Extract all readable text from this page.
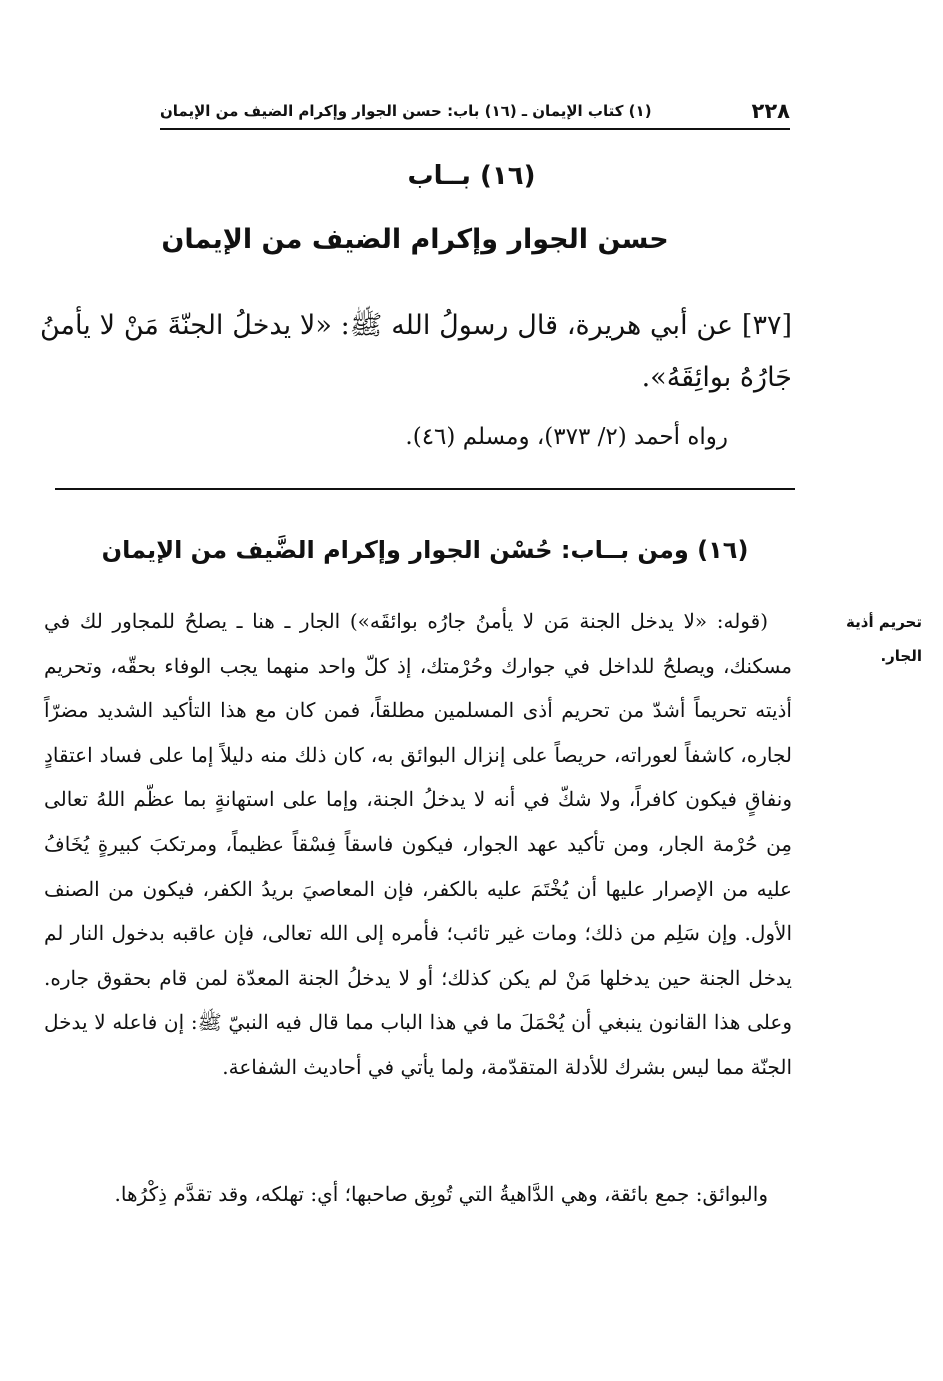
٢٢٨
(١) كتاب الإيمان ـ (١٦) باب: حسن الجوار وإكرام الضيف من الإيمان
(١٦) بــاب
حسن الجوار وإكرام الضيف من الإيمان
[٣٧] عن أبي هريرة، قال رسولُ الله ﷺ: «لا يدخلُ الجنّةَ مَنْ لا يأمنُ جَارُهُ بوائِقَهُ».
رواه أحمد (٢/ ٣٧٣)، ومسلم (٤٦).
(١٦) ومن بــاب: حُسْن الجوار وإكرام الضَّيف من الإيمان
تحريم أذية الجار.

(قوله: «لا يدخل الجنة مَن لا يأمنُ جارُه بوائقَه») الجار ـ هنا ـ يصلحُ للمجاور لك في مسكنك، ويصلحُ للداخل في جوارك وحُرْمتك، إذ كلّ واحد منهما يجب الوفاء بحقّه، وتحريم أذيته تحريماً أشدّ من تحريم أذى المسلمين مطلقاً، فمن كان مع هذا التأكيد الشديد مضرّاً لجاره، كاشفاً لعوراته، حريصاً على إنزال البوائق به، كان ذلك منه دليلاً إما على فساد اعتقادٍ ونفاقٍ فيكون كافراً، ولا شكّ في أنه لا يدخلُ الجنة، وإما على استهانةٍ بما عظّم اللهُ تعالى مِن حُرْمة الجار، ومن تأكيد عهد الجوار، فيكون فاسقاً فِسْقاً عظيماً، ومرتكبَ كبيرةٍ يُخَافُ عليه من الإصرار عليها أن يُخْتَمَ عليه بالكفر، فإن المعاصيَ بريدُ الكفر، فيكون من الصنف الأول. وإن سَلِم من ذلك؛ ومات غير تائب؛ فأمره إلى الله تعالى، فإن عاقبه بدخول النار لم يدخل الجنة حين يدخلها مَنْ لم يكن كذلك؛ أو لا يدخلُ الجنة المعدّة لمن قام بحقوق جاره. وعلى هذا القانون ينبغي أن يُحْمَلَ ما في هذا الباب مما قال فيه النبيّ ﷺ: إن فاعله لا يدخل الجنّة مما ليس بشرك للأدلة المتقدّمة، ولما يأتي في أحاديث الشفاعة.

والبوائق: جمع بائقة، وهي الدَّاهيةُ التي تُوبِق صاحبها؛ أي: تهلكه، وقد تقدَّم ذِكْرُها.
